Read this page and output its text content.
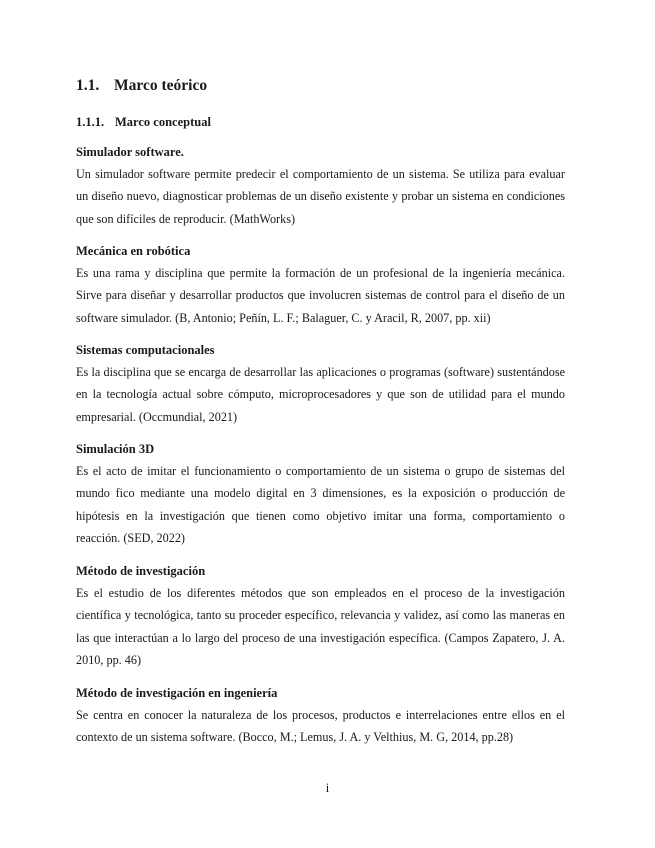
1.1. Marco teórico
1.1.1. Marco conceptual
Simulador software.

Un simulador software permite predecir el comportamiento de un sistema. Se utiliza para evaluar un diseño nuevo, diagnosticar problemas de un diseño existente y probar un sistema en condiciones que son difíciles de reproducir. (MathWorks)

Mecánica en robótica

Es una rama y disciplina que permite la formación de un profesional de la ingeniería mecánica. Sirve para diseñar y desarrollar productos que involucren sistemas de control para el diseño de un software simulador. (B, Antonio; Peñín, L. F.; Balaguer, C. y Aracil, R, 2007, pp. xii)

Sistemas computacionales

Es la disciplina que se encarga de desarrollar las aplicaciones o programas (software) sustentándose en la tecnología actual sobre cómputo, microprocesadores y que son de utilidad para el mundo empresarial. (Occmundial, 2021)

Simulación 3D

Es el acto de imitar el funcionamiento o comportamiento de un sistema o grupo de sistemas del mundo fico mediante una modelo digital en 3 dimensiones, es la exposición o producción de hipótesis en la investigación que tienen como objetivo imitar una forma, comportamiento o reacción. (SED, 2022)

Método de investigación

Es el estudio de los diferentes métodos que son empleados en el proceso de la investigación científica y tecnológica, tanto su proceder específico, relevancia y validez, así como las maneras en las que interactúan a lo largo del proceso de una investigación específica. (Campos Zapatero, J. A. 2010, pp. 46)

Método de investigación en ingeniería

Se centra en conocer la naturaleza de los procesos, productos e interrelaciones entre ellos en el contexto de un sistema software. (Bocco, M.; Lemus, J. A. y Velthius, M. G, 2014, pp.28)

i
